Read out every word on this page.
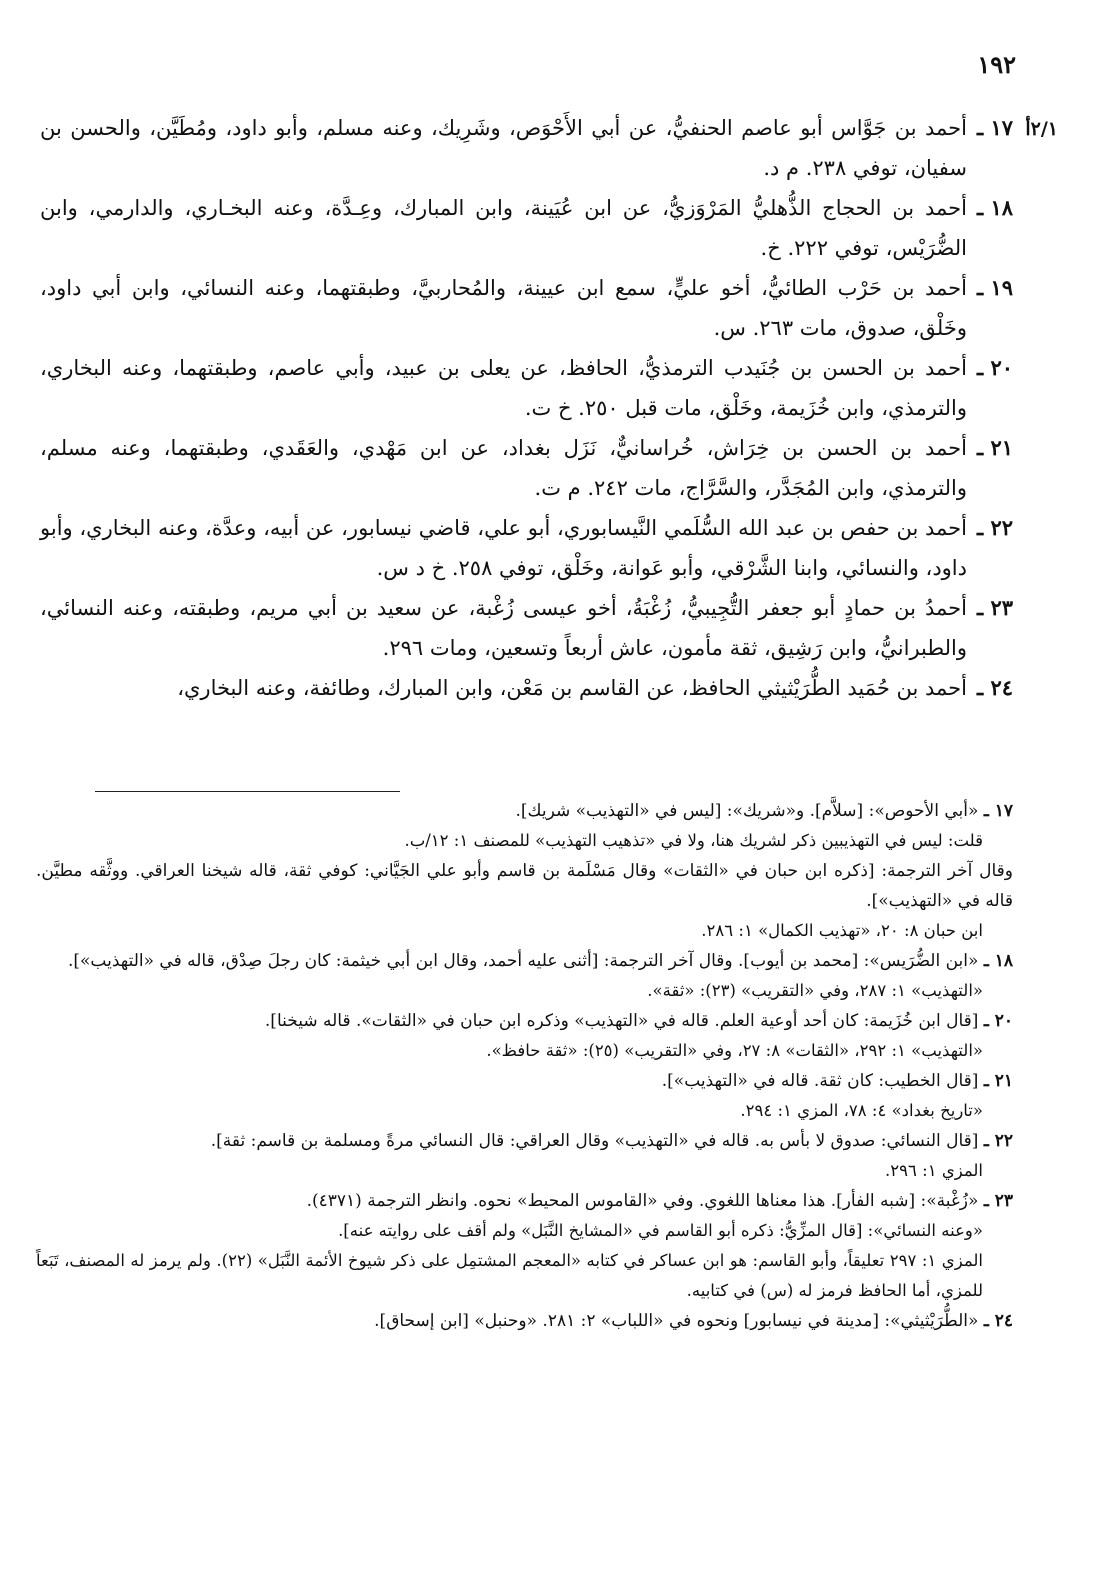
١٩٢
٢/١أ
١٧ ـ
أحمد بن جَوَّاس أبو عاصم الحنفيُّ، عن أبي الأَحْوَص، وشَرِيك، وعنه مسلم، وأبو داود، ومُطَيَّن، والحسن بن سفيان، توفي ٢٣٨. م د.
١٨ ـ
أحمد بن الحجاج الذُّهليُّ المَرْوَزيُّ، عن ابن عُيَينة، وابن المبارك، وعِـدَّة، وعنه البخـاري، والدارمي، وابن الضُّرَيْس، توفي ٢٢٢. خ.
١٩ ـ
أحمد بن حَرْب الطائيُّ، أخو عليٍّ، سمع ابن عيينة، والمُحاربيَّ، وطبقتهما، وعنه النسائي، وابن أبي داود، وخَلْق، صدوق، مات ٢٦٣. س.
٢٠ ـ
أحمد بن الحسن بن جُنَيدب الترمذيُّ، الحافظ، عن يعلى بن عبيد، وأبي عاصم، وطبقتهما، وعنه البخاري، والترمذي، وابن خُزَيمة، وخَلْق، مات قبل ٢٥٠. خ ت.
٢١ ـ
أحمد بن الحسن بن خِرَاش، خُراسانيٌّ، نَزَل بغداد، عن ابن مَهْدي، والعَقَدي، وطبقتهما، وعنه مسلم، والترمذي، وابن المُجَدَّر، والسَّرَّاج، مات ٢٤٢. م ت.
٢٢ ـ
أحمد بن حفص بن عبد الله السُّلَمي النَّيسابوري، أبو علي، قاضي نيسابور، عن أبيه، وعدَّة، وعنه البخاري، وأبو داود، والنسائي، وابنا الشَّرْقي، وأبو عَوانة، وخَلْق، توفي ٢٥٨. خ د س.
٢٣ ـ
أحمدُ بن حمادٍ أبو جعفر التُّجِيبيُّ، زُغْبَةُ، أخو عيسى زُغْبة، عن سعيد بن أبي مريم، وطبقته، وعنه النسائي، والطبرانيُّ، وابن رَشِيق، ثقة مأمون، عاش أربعاً وتسعين، ومات ٢٩٦.
٢٤ ـ
أحمد بن حُمَيد الطُّرَيْثيثي الحافظ، عن القاسم بن مَعْن، وابن المبارك، وطائفة، وعنه البخاري،
١٧ ـ «أبي الأحوص»: [سلاَّم]. و«شريك»: [ليس في «التهذيب» شريك].
قلت: ليس في التهذيبين ذكر لشريك هنا، ولا في «تذهيب التهذيب» للمصنف ١: ١٢/ب.
وقال آخر الترجمة: [ذكره ابن حبان في «الثقات» وقال مَسْلَمة بن قاسم وأبو علي الجَيَّاني: كوفي ثقة، قاله شيخنا العراقي. ووثَّقه مطيَّن. قاله في «التهذيب»].
ابن حبان ٨: ٢٠، «تهذيب الكمال» ١: ٢٨٦.
١٨ ـ «ابن الضُّرَيس»: [محمد بن أيوب]. وقال آخر الترجمة: [أثنى عليه أحمد، وقال ابن أبي خيثمة: كان رجلَ صِدْق، قاله في «التهذيب»].
«التهذيب» ١: ٢٨٧، وفي «التقريب» (٢٣): «ثقة».
٢٠ ـ [قال ابن خُزَيمة: كان أحد أوعية العلم. قاله في «التهذيب» وذكره ابن حبان في «الثقات». قاله شيخنا].
«التهذيب» ١: ٢٩٢، «الثقات» ٨: ٢٧، وفي «التقريب» (٢٥): «ثقة حافظ».
٢١ ـ [قال الخطيب: كان ثقة. قاله في «التهذيب»].
«تاريخ بغداد» ٤: ٧٨، المزي ١: ٢٩٤.
٢٢ ـ [قال النسائي: صدوق لا بأس به. قاله في «التهذيب» وقال العراقي: قال النسائي مرةً ومسلمة بن قاسم: ثقة].
المزي ١: ٢٩٦.
٢٣ ـ «زُغْبة»: [شبه الفأر]. هذا معناها اللغوي. وفي «القاموس المحيط» نحوه. وانظر الترجمة (٤٣٧١).
«وعنه النسائي»: [قال المزِّيُّ: ذكره أبو القاسم في «المشايخ النَّبَل» ولم أقف على روايته عنه].
المزي ١: ٢٩٧ تعليقاً، وأبو القاسم: هو ابن عساكر في كتابه «المعجم المشتمِل على ذكر شيوخ الأئمة النَّبَل» (٢٢). ولم يرمز له المصنف، تَبَعاً للمزي، أما الحافظ فرمز له (س) في كتابيه.
٢٤ ـ «الطُّرَيْثيثي»: [مدينة في نيسابور] ونحوه في «اللباب» ٢: ٢٨١. «وحنبل» [ابن إسحاق].
